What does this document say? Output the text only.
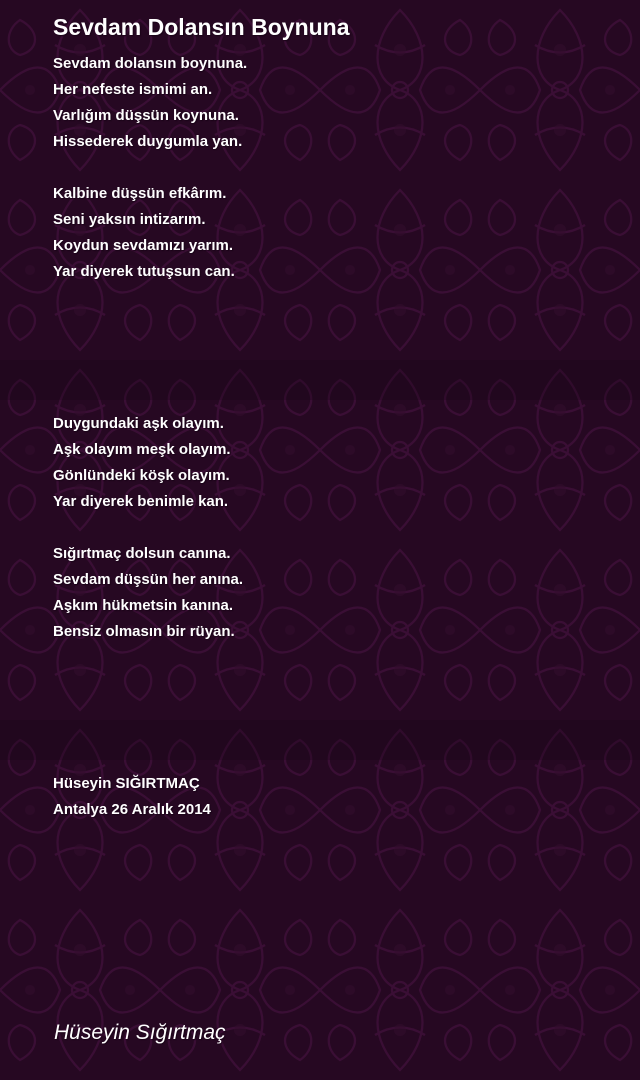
Sevdam Dolansın Boynuna
Sevdam dolansın boynuna.
Her nefeste ismimi an.
Varlığım düşsün koynuna.
Hissederek duygumla yan.
Kalbine düşsün efkârım.
Seni yaksın intizarım.
Koydun sevdamızı yarım.
Yar diyerek tutuşsun can.
Duygundaki aşk olayım.
Aşk olayım meşk olayım.
Gönlündeki köşk olayım.
Yar diyerek benimle kan.
Sığırtmaç dolsun canına.
Sevdam düşsün her anına.
Aşkım hükmetsin kanına.
Bensiz olmasın bir rüyan.
Hüseyin SIĞIRTMAÇ
Antalya 26 Aralık 2014
Hüseyin Sığırtmaç
